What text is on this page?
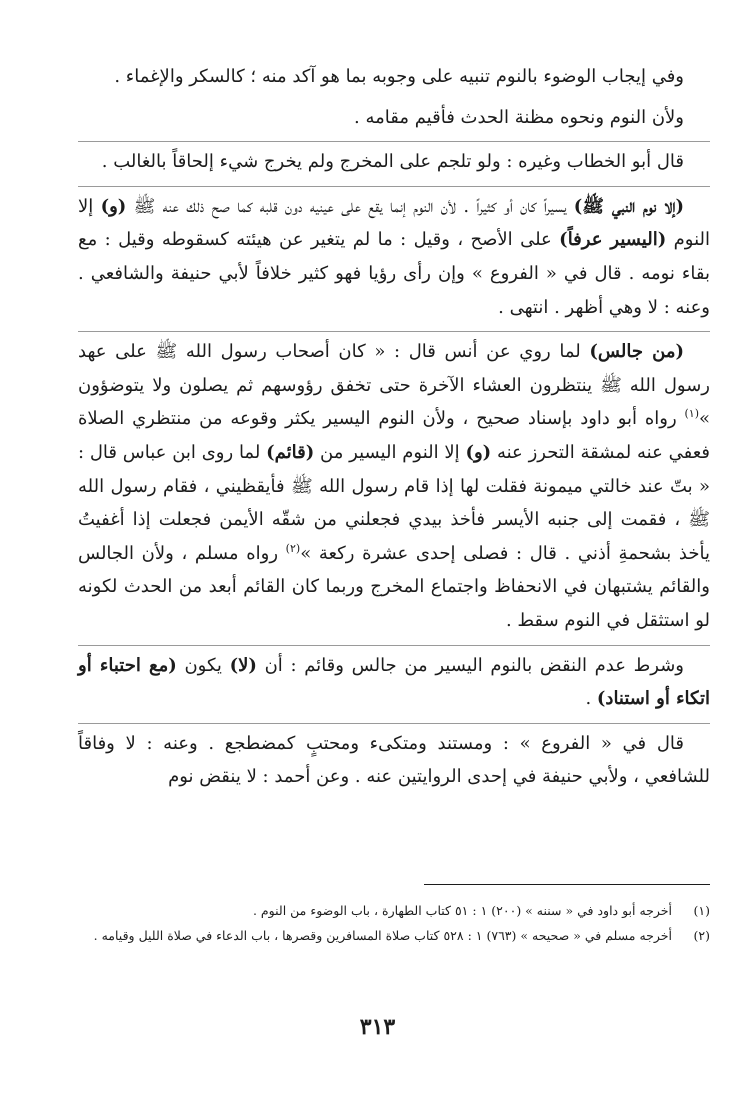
وفي إيجاب الوضوء بالنوم تنبيه على وجوبه بما هو آكد منه ؛ كالسكر والإغماء .

ولأن النوم ونحوه مظنة الحدث فأقيم مقامه .

قال أبو الخطاب وغيره : ولو تلجم على المخرج ولم يخرج شيء إلحاقاً بالغالب .

(إلا نوم النبي ﷺ) يسيراً كان أو كثيراً . لأن النوم إنما يقع على عينيه دون قلبه كما صح ذلك عنه ﷺ (و) إلا النوم (اليسير عرفاً) على الأصح ، وقيل : ما لم يتغير عن هيئته كسقوطه وقيل : مع بقاء نومه . قال في « الفروع » وإن رأى رؤيا فهو كثير خلافاً لأبي حنيفة والشافعي . وعنه : لا وهي أظهر . انتهى .

(من جالس) لما روي عن أنس قال : « كان أصحاب رسول الله ﷺ على عهد رسول الله ﷺ ينتظرون العشاء الآخرة حتى تخفق رؤوسهم ثم يصلون ولا يتوضؤون »$^{(١)}$ رواه أبو داود بإسناد صحيح ، ولأن النوم اليسير يكثر وقوعه من منتظري الصلاة فعفي عنه لمشقة التحرز عنه (و) إلا النوم اليسير من (قائم) لما روى ابن عباس قال : « بتّ عند خالتي ميمونة فقلت لها إذا قام رسول الله ﷺ فأيقظيني ، فقام رسول الله ﷺ ، فقمت إلى جنبه الأيسر فأخذ بيدي فجعلني من شقّه الأيمن فجعلت إذا أغفيتُ يأخذ بشحمةِ أذني . قال : فصلى إحدى عشرة ركعة »$^{(٢)}$ رواه مسلم ، ولأن الجالس والقائم يشتبهان في الانحفاظ واجتماع المخرج وربما كان القائم أبعد من الحدث لكونه لو استثقل في النوم سقط .

وشرط عدم النقض بالنوم اليسير من جالس وقائم : أن (لا) يكون (مع احتباء أو اتكاء أو استناد) .

قال في « الفروع » : ومستند ومتكىء ومحتبٍ كمضطجع . وعنه : لا وفاقاً للشافعي ، ولأبي حنيفة في إحدى الروايتين عنه . وعن أحمد : لا ينقض نوم

(١)
أخرجه أبو داود في « سننه » (٢٠٠) ١ : ٥١ كتاب الطهارة ، باب الوضوء من النوم .
(٢)
أخرجه مسلم في « صحيحه » (٧٦٣) ١ : ٥٢٨ كتاب صلاة المسافرين وقصرها ، باب الدعاء في صلاة الليل وقيامه .
٣١٣
